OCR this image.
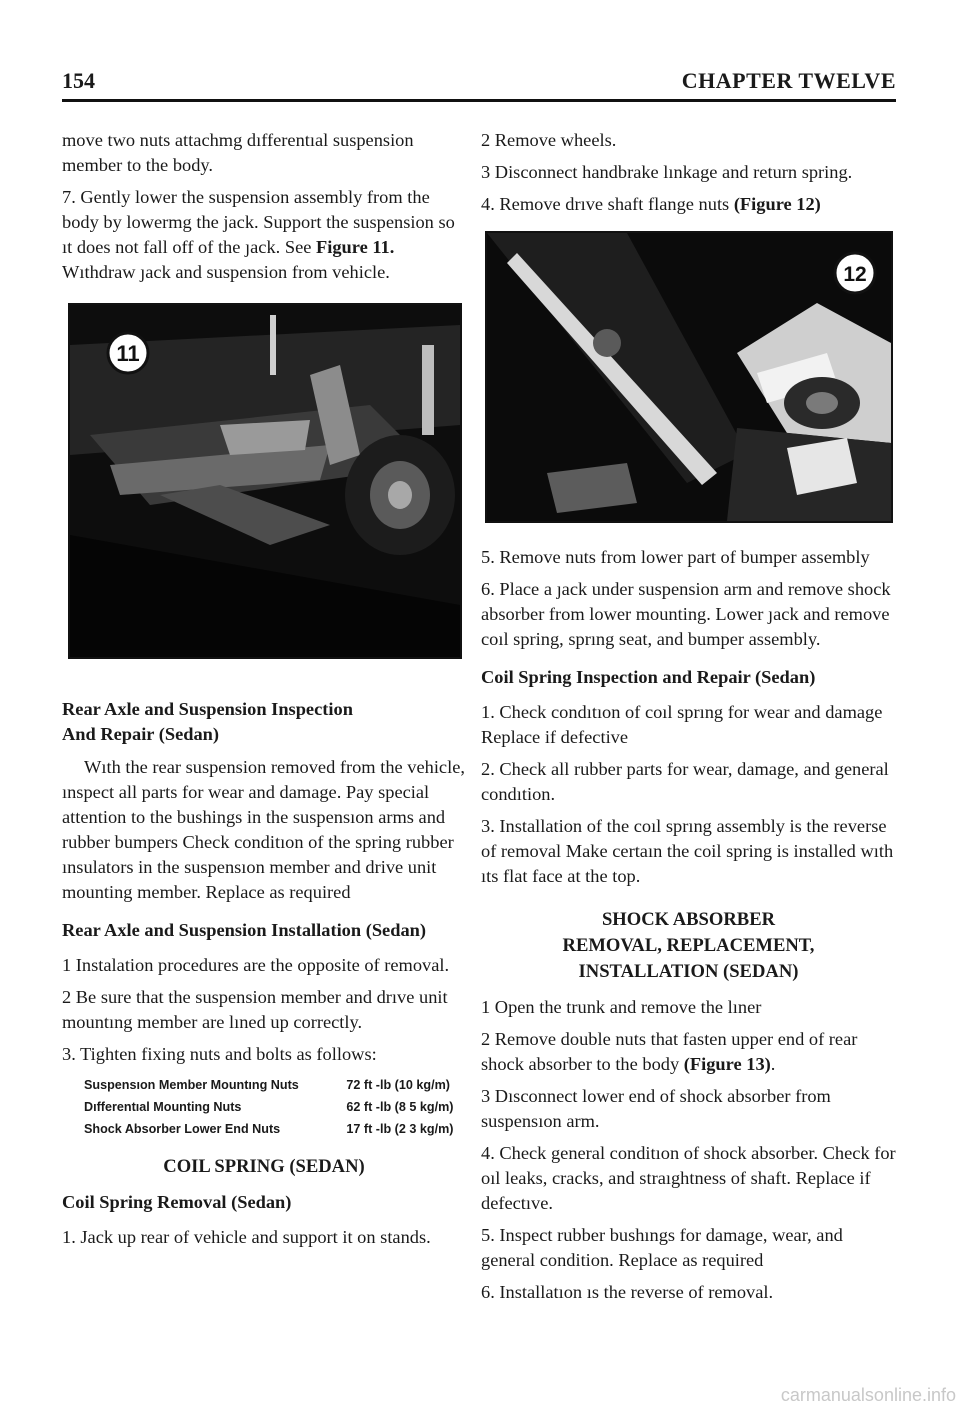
154	CHAPTER TWELVE

move two nuts attachmg dıfferentıal suspension member to the body.

7. Gently lower the suspension assembly from the body by lowermg the jack. Support the suspension so ıt does not fall off of the ȷack. See Figure 11. Wıthdraw ȷack and suspension from vehicle.

11
Rear Axle and Suspension Inspection
And Repair (Sedan)

Wıth the rear suspension removed from the vehicle, ınspect all parts for wear and damage. Pay special attention to the bushings in the suspensıon arms and rubber bumpers Check conditıon of the spring rubber ınsulators in the suspensıon member and drive unit mounting member. Replace as required

Rear Axle and Suspension Installation (Sedan)

1 Instalation procedures are the opposite of removal.

2 Be sure that the suspension member and drıve unit mountıng member are lıned up correctly.

3. Tighten fixing nuts and bolts as follows:

Suspensıon Member Mountıng Nuts	72 ft -lb (10 kg/m)
Dıfferentıal Mounting Nuts	62 ft -lb (8 5 kg/m)
Shock Absorber Lower End Nuts	17 ft -lb (2 3 kg/m)
COIL SPRING (SEDAN)
Coil Spring Removal (Sedan)

1. Jack up rear of vehicle and support it on stands.

2 Remove wheels.

3 Disconnect handbrake lınkage and return spring.

4. Remove drıve shaft flange nuts (Figure 12)

12

5. Remove nuts from lower part of bumper assembly

6. Place a ȷack under suspension arm and remove shock absorber from lower mounting. Lower ȷack and remove coıl spring, sprıng seat, and bumper assembly.

Coil Spring Inspection and Repair (Sedan)

1. Check condıtıon of coıl sprıng for wear and damage Replace if defective

2. Check all rubber parts for wear, damage, and general condıtion.

3. Installation of the coıl sprıng assembly is the reverse of removal Make certaın the coil spring is installed wıth ıts flat face at the top.

SHOCK ABSORBER
REMOVAL, REPLACEMENT,
INSTALLATION (SEDAN)

1 Open the trunk and remove the lıner

2 Remove double nuts that fasten upper end of rear shock absorber to the body (Figure 13).

3 Dısconnect lower end of shock absorber from suspensıon arm.

4. Check general conditıon of shock absorber. Check for oıl leaks, cracks, and straıghtness of shaft. Replace if defectıve.

5. Inspect rubber bushıngs for damage, wear, and general condition. Replace as required

6. Installatıon ıs the reverse of removal.

carmanualsonline.info
